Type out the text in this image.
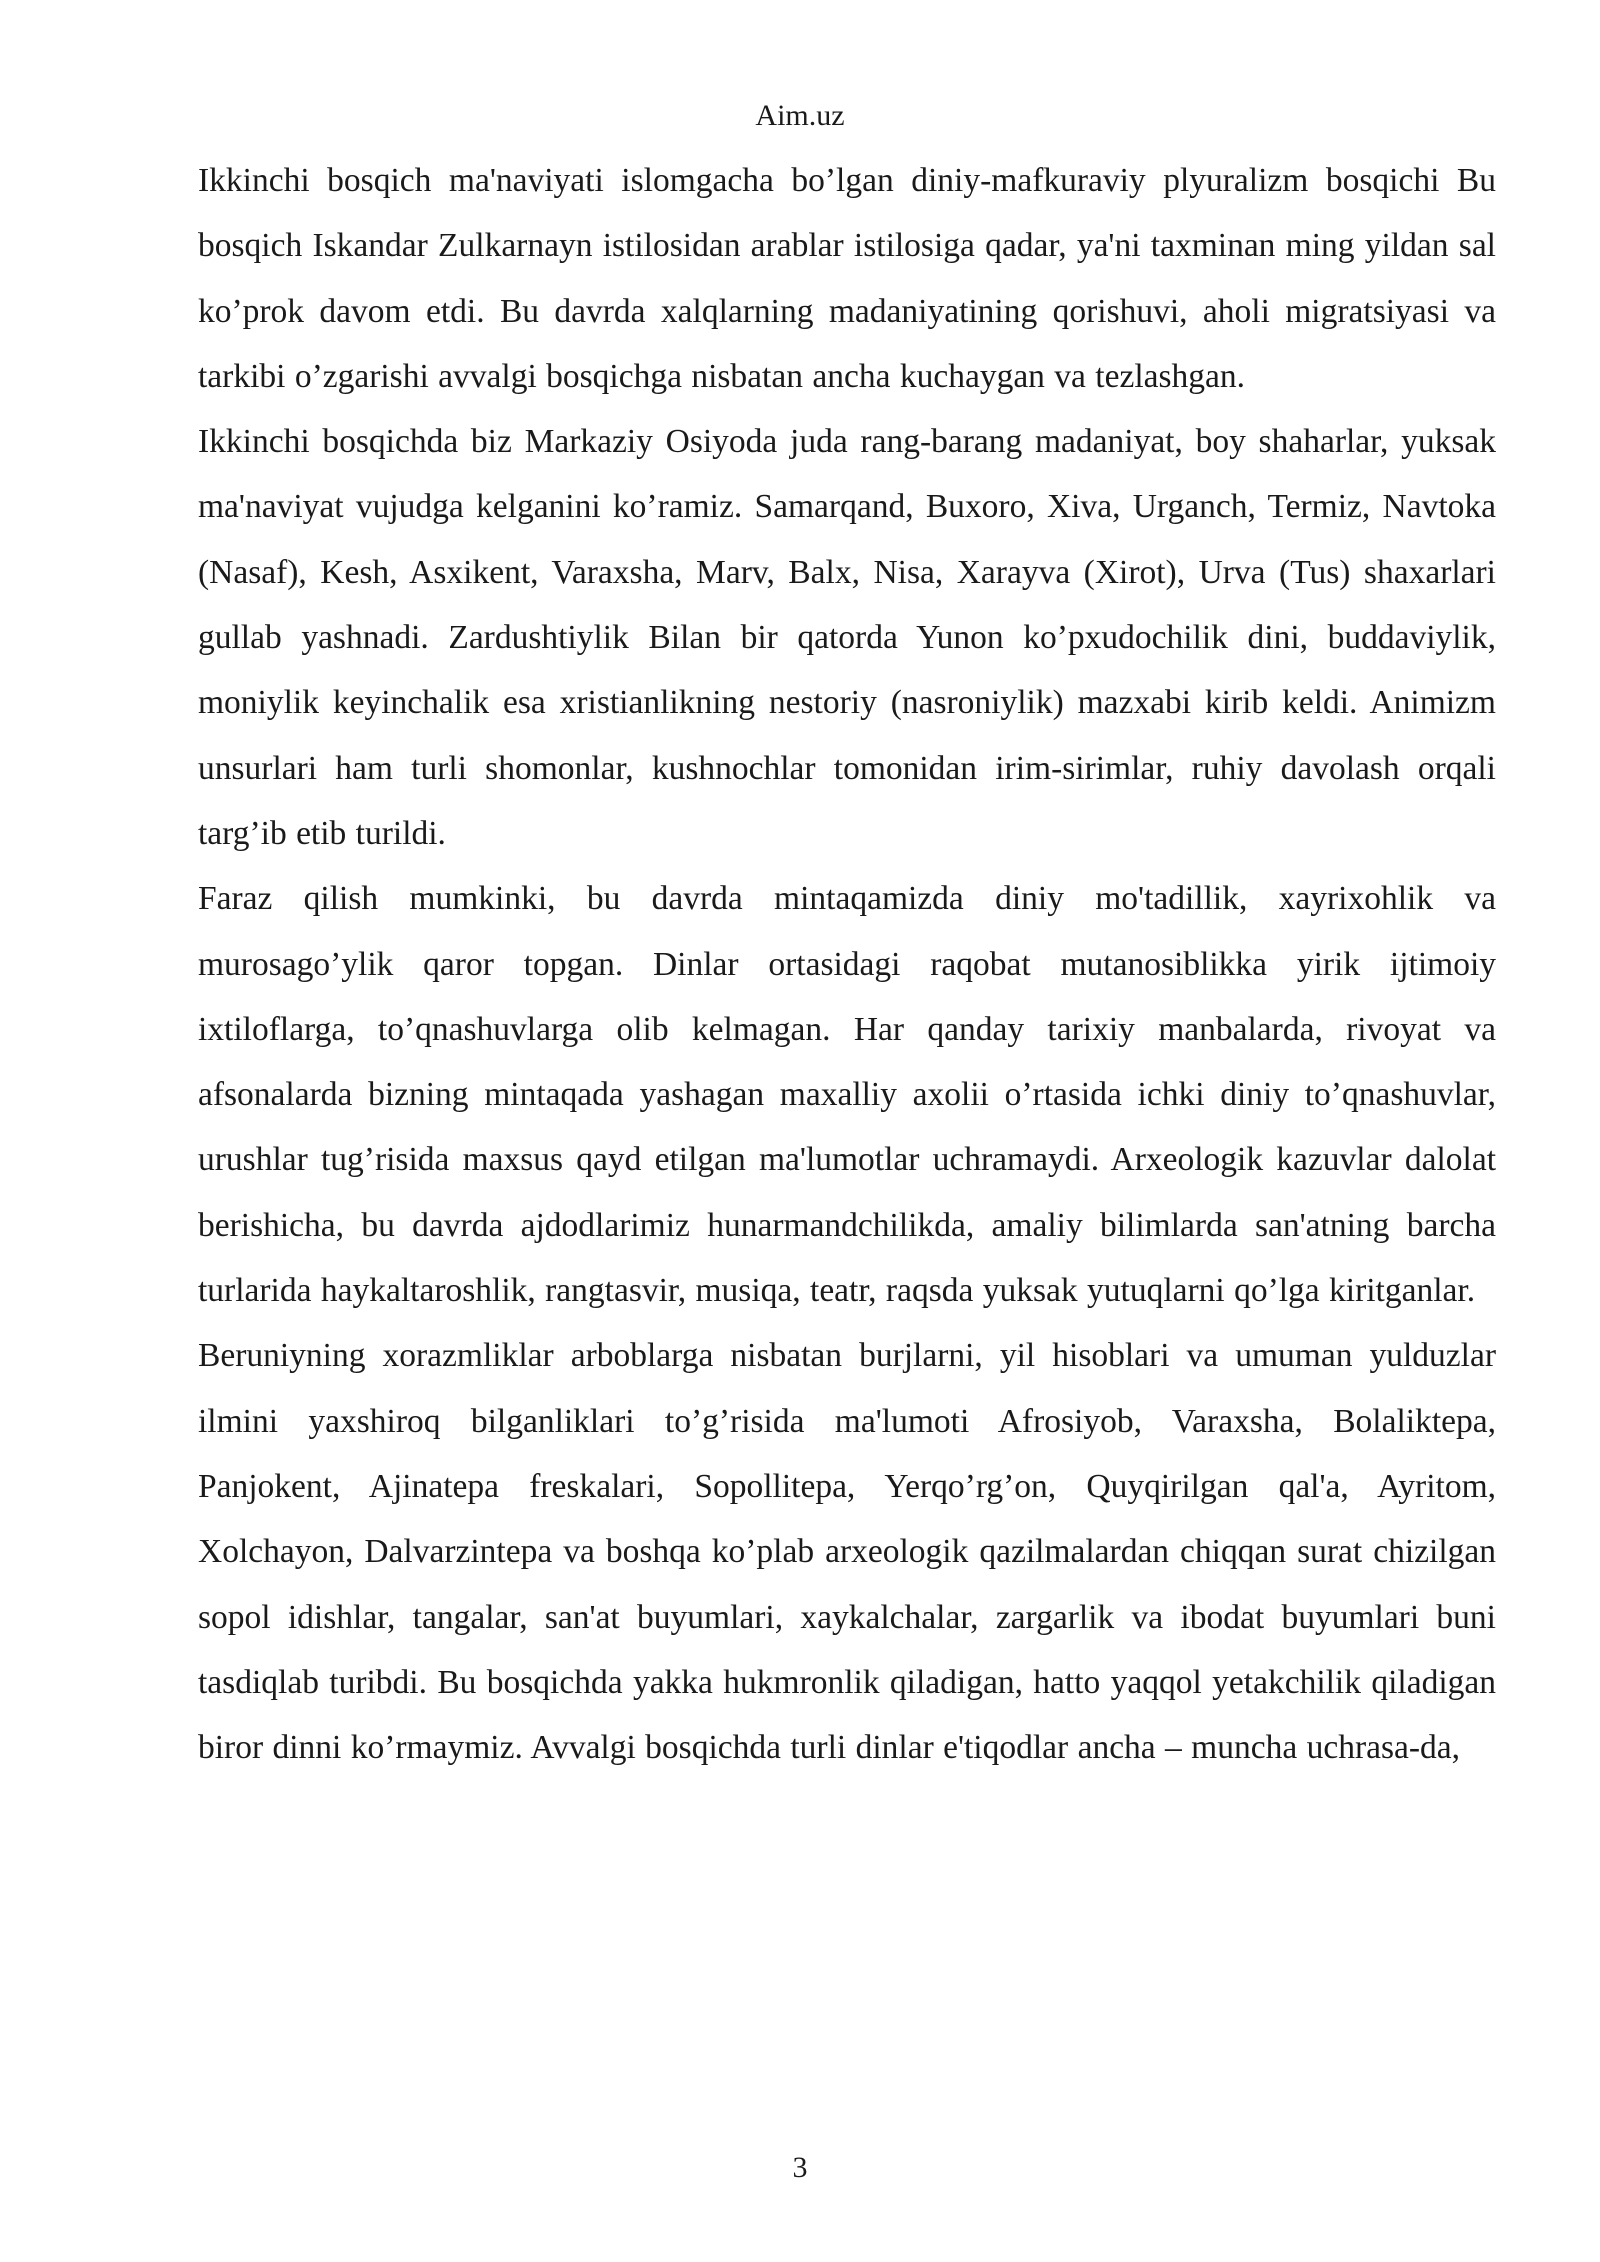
Aim.uz

Ikkinchi bosqich ma'naviyati islomgacha bo’lgan diniy-mafkuraviy plyuralizm bosqichi Bu bosqich Iskandar Zulkarnayn istilosidan arablar istilosiga qadar, ya'ni taxminan ming yildan sal ko’prok davom etdi. Bu davrda xalqlarning madaniyatining qorishuvi, aholi migratsiyasi va tarkibi o’zgarishi avvalgi bosqichga nisbatan ancha kuchaygan va tezlashgan.

Ikkinchi bosqichda biz Markaziy Osiyoda juda rang-barang madaniyat, boy shaharlar, yuksak ma'naviyat vujudga kelganini ko’ramiz. Samarqand, Buxoro, Xiva, Urganch, Termiz, Navtoka (Nasaf), Kesh, Asxikent, Varaxsha, Marv, Balx, Nisa, Xarayva (Xirot), Urva (Tus) shaxarlari gullab yashnadi. Zardushtiylik Bilan bir qatorda Yunon ko’pxudochilik dini, buddaviylik, moniylik keyinchalik esa xristianlikning nestoriy (nasroniylik) mazxabi kirib keldi. Animizm unsurlari ham turli shomonlar, kushnochlar tomonidan irim-sirimlar, ruhiy davolash orqali targ’ib etib turildi.

Faraz qilish mumkinki, bu davrda mintaqamizda diniy mo'tadillik, xayrixohlik va murosago’ylik qaror topgan. Dinlar ortasidagi raqobat mutanosiblikka yirik ijtimoiy ixtiloflarga, to’qnashuvlarga olib kelmagan. Har qanday tarixiy manbalarda, rivoyat va afsonalarda bizning mintaqada yashagan maxalliy axolii o’rtasida ichki diniy to’qnashuvlar, urushlar tug’risida maxsus qayd etilgan ma'lumotlar uchramaydi. Arxeologik kazuvlar dalolat berishicha, bu davrda ajdodlarimiz hunarmandchilikda, amaliy bilimlarda san'atning barcha turlarida haykaltaroshlik, rangtasvir, musiqa, teatr, raqsda yuksak yutuqlarni qo’lga kiritganlar.

Beruniyning xorazmliklar arboblarga nisbatan burjlarni, yil hisoblari va umuman yulduzlar ilmini yaxshiroq bilganliklari to’g’risida ma'lumoti Afrosiyob, Varaxsha, Bolaliktepa, Panjokent, Ajinatepa freskalari, Sopollitepa, Yerqo’rg’on, Quyqirilgan qal'a, Ayritom, Xolchayon, Dalvarzintepa va boshqa ko’plab arxeologik qazilmalardan chiqqan surat chizilgan sopol idishlar, tangalar, san'at buyumlari, xaykalchalar, zargarlik va ibodat buyumlari buni tasdiqlab turibdi. Bu bosqichda yakka hukmronlik qiladigan, hatto yaqqol yetakchilik qiladigan biror dinni ko’rmaymiz. Avvalgi bosqichda turli dinlar e'tiqodlar ancha – muncha uchrasa-da,

3
